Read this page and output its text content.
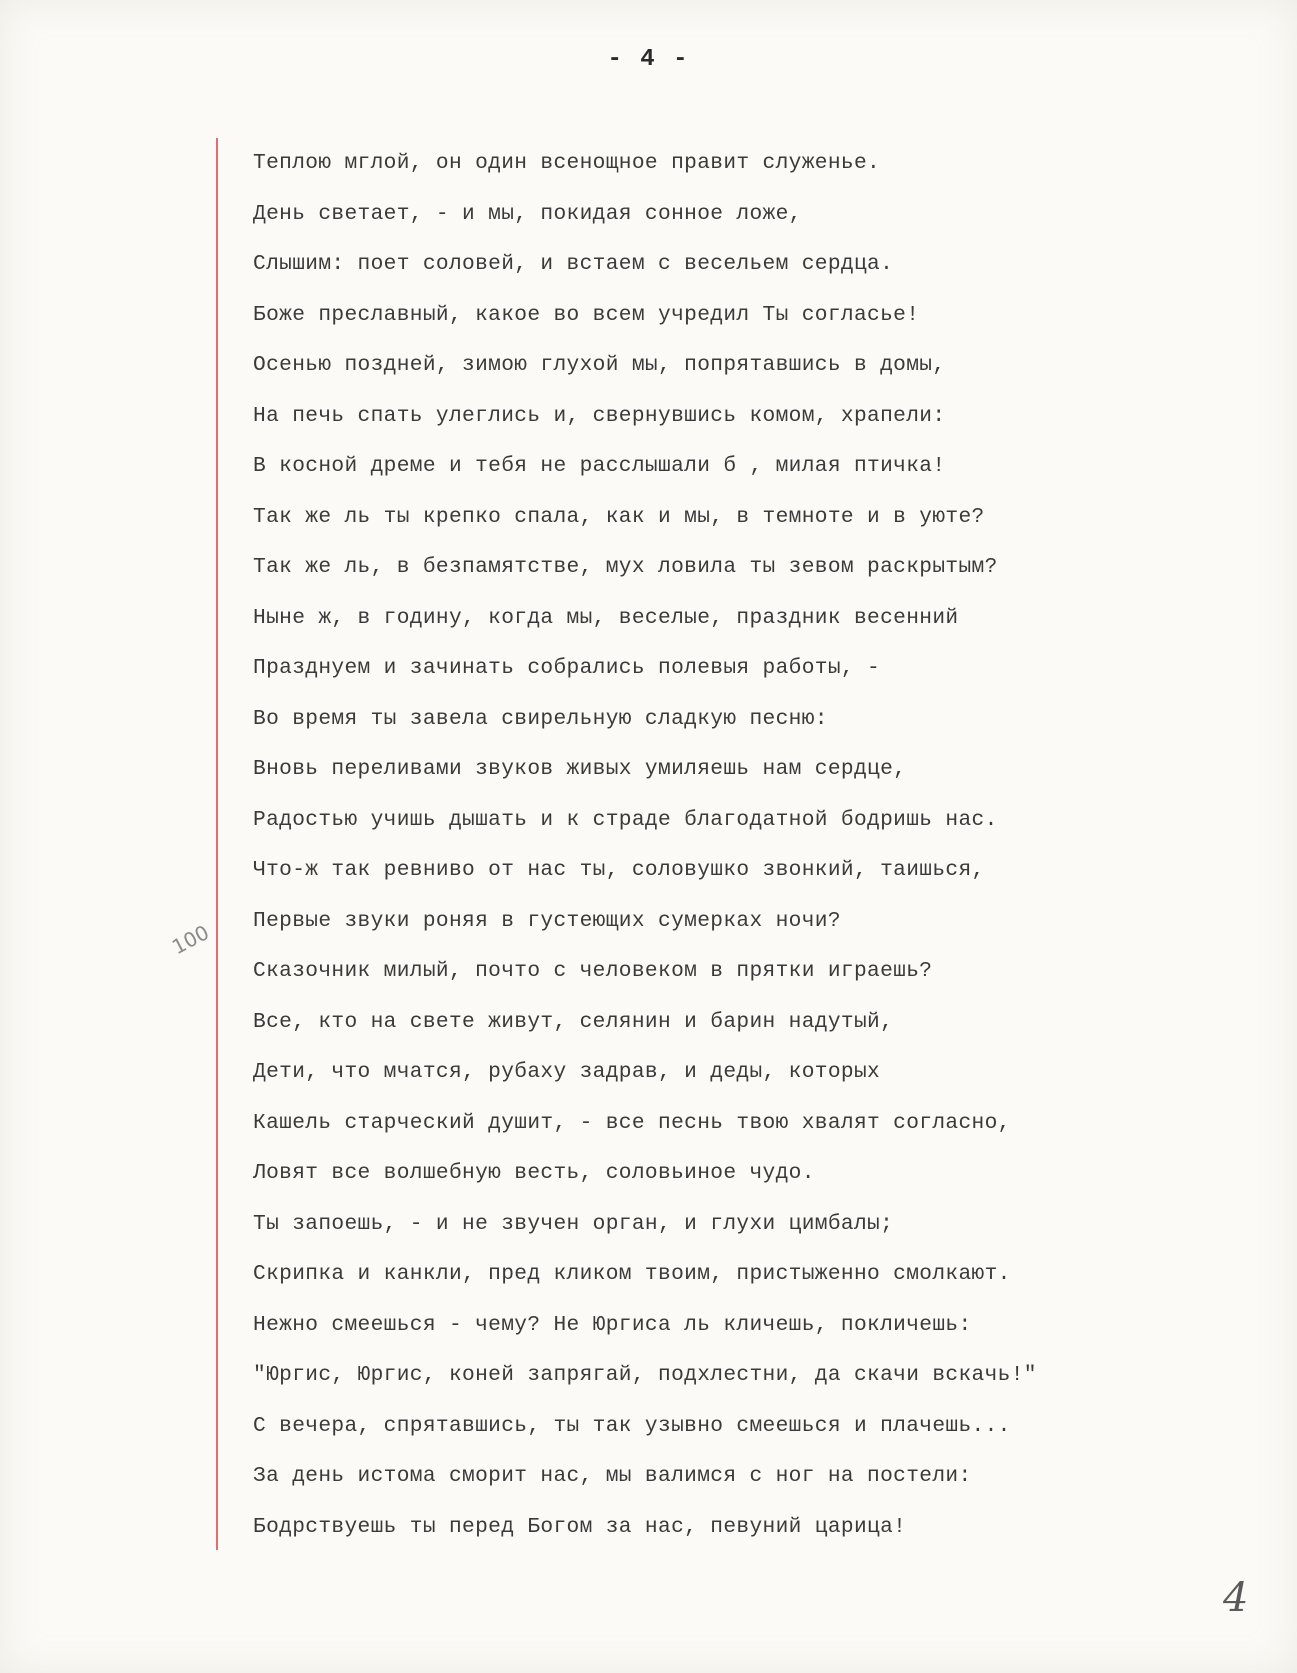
- 4 -
100
Теплою мглой, он один всенощное правит служенье.
День светает, - и мы, покидая сонное ложе,
Слышим: поет соловей, и встаем с весельем сердца.
Боже преславный, какое во всем учредил Ты согласье!
Осенью поздней, зимою глухой мы, попрятавшись в домы,
На печь спать улеглись и, свернувшись комом, храпели:
В косной дреме и тебя не расслышали б , милая птичка!
Так же ль ты крепко спала, как и мы, в темноте и в уюте?
Так же ль, в безпамятстве, мух ловила ты зевом раскрытым?
Ныне ж, в годину, когда мы, веселые, праздник весенний
Празднуем и зачинать собрались полевыя работы, -
Во время ты завела свирельную сладкую песню:
Вновь переливами звуков живых умиляешь нам сердце,
Радостью учишь дышать и к страде благодатной бодришь нас.
Что-ж так ревниво от нас ты, соловушко звонкий, таишься,
Первые звуки роняя в густеющих сумерках ночи?
Сказочник милый, почто с человеком в прятки играешь?
Все, кто на свете живут, селянин и барин надутый,
Дети, что мчатся, рубаху задрав, и деды, которых
Кашель старческий душит, - все песнь твою хвалят согласно,
Ловят все волшебную весть, соловьиное чудо.
Ты запоешь, - и не звучен орган, и глухи цимбалы;
Скрипка и канкли, пред кликом твоим, пристыженно смолкают.
Нежно смеешься - чему? Не Юргиса ль кличешь, покличешь:
"Юргис, Юргис, коней запрягай, подхлестни, да скачи вскачь!"
С вечера, спрятавшись, ты так узывно смеешься и плачешь...
За день истома сморит нас, мы валимся с ног на постели:
Бодрствуешь ты перед Богом за нас, певуний царица!
4
